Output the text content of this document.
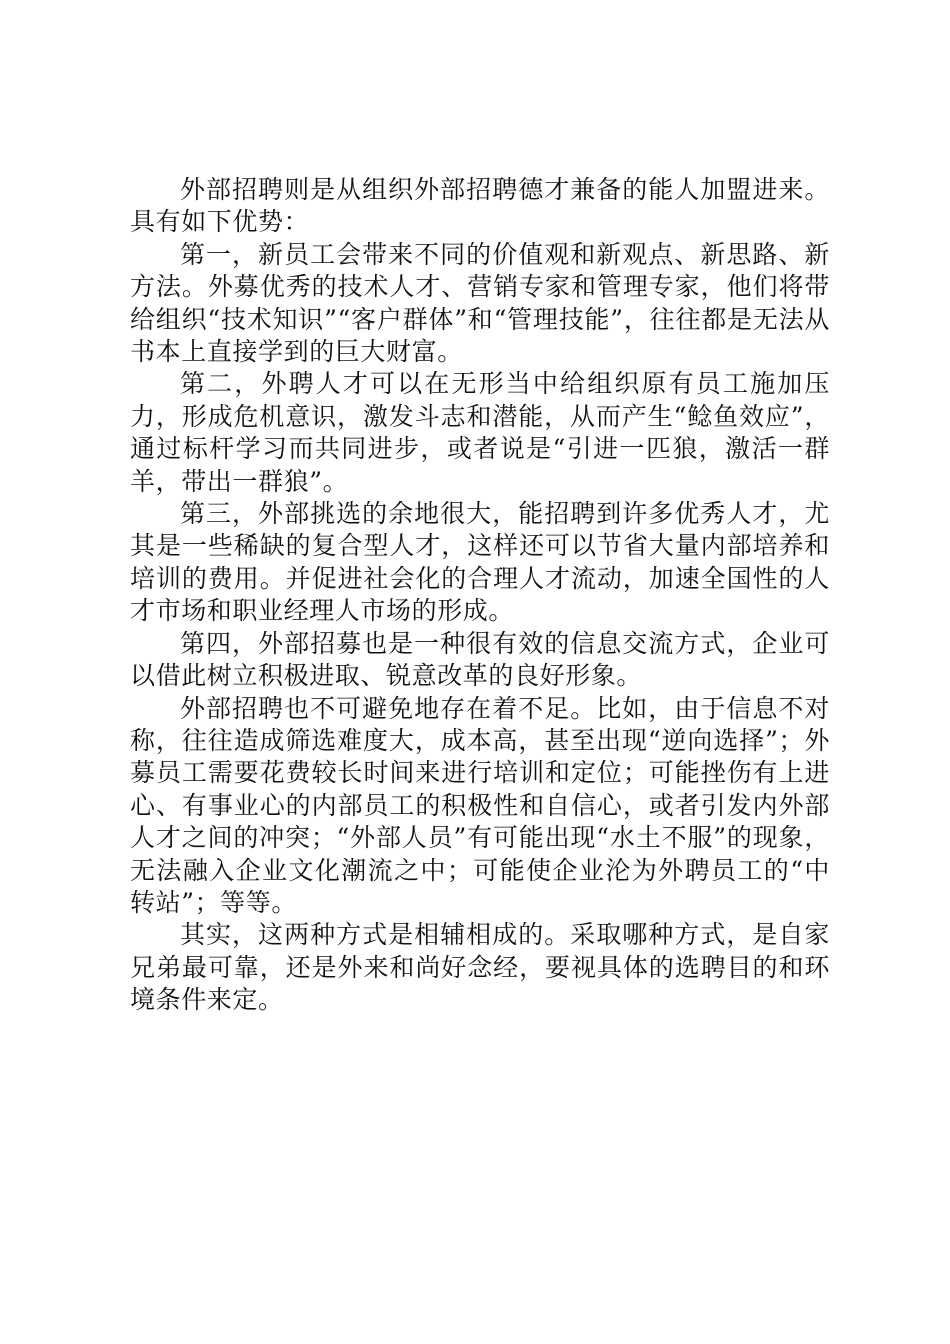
外部招聘则是从组织外部招聘德才兼备的能人加盟进来。具有如下优势：

第一，新员工会带来不同的价值观和新观点、新思路、新方法。外募优秀的技术人才、营销专家和管理专家，他们将带给组织“技术知识”“客户群体”和“管理技能”，往往都是无法从书本上直接学到的巨大财富。

第二，外聘人才可以在无形当中给组织原有员工施加压力，形成危机意识，激发斗志和潜能，从而产生“鲶鱼效应”，通过标杆学习而共同进步，或者说是“引进一匹狼，激活一群羊，带出一群狼”。

第三，外部挑选的余地很大，能招聘到许多优秀人才，尤其是一些稀缺的复合型人才，这样还可以节省大量内部培养和培训的费用。并促进社会化的合理人才流动，加速全国性的人才市场和职业经理人市场的形成。

第四，外部招募也是一种很有效的信息交流方式，企业可以借此树立积极进取、锐意改革的良好形象。

外部招聘也不可避免地存在着不足。比如，由于信息不对称，往往造成筛选难度大，成本高，甚至出现“逆向选择”；外募员工需要花费较长时间来进行培训和定位；可能挫伤有上进心、有事业心的内部员工的积极性和自信心，或者引发内外部人才之间的冲突；“外部人员”有可能出现“水土不服”的现象，无法融入企业文化潮流之中；可能使企业沦为外聘员工的“中转站”；等等。

其实，这两种方式是相辅相成的。采取哪种方式，是自家兄弟最可靠，还是外来和尚好念经，要视具体的选聘目的和环境条件来定。
